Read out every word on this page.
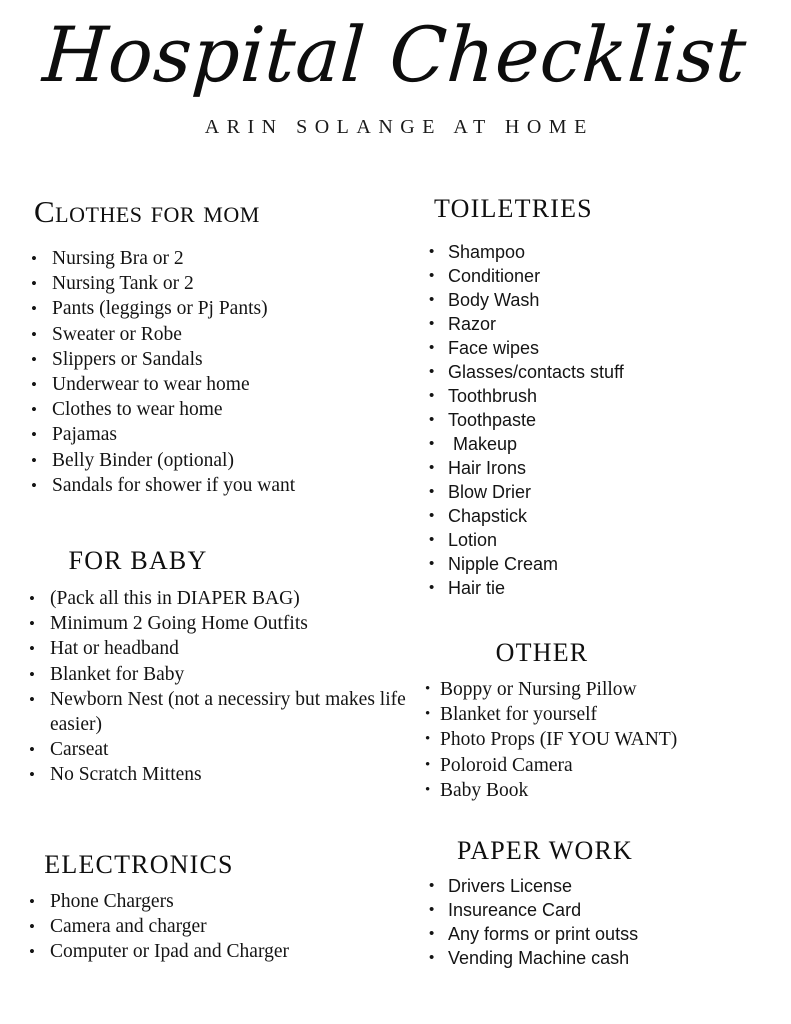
Hospital Checklist
ARIN SOLANGE AT HOME
Clothes for mom
• Nursing Bra or 2
• Nursing Tank or 2
• Pants (leggings or Pj Pants)
• Sweater or Robe
• Slippers or Sandals
• Underwear to wear home
• Clothes to wear home
• Pajamas
• Belly Binder (optional)
• Sandals for shower if you want
FOR BABY
• (Pack all this in DIAPER BAG)
• Minimum 2 Going Home Outfits
• Hat or headband
• Blanket for Baby
• Newborn Nest (not a necessiry but makes life easier)
• Carseat
• No Scratch Mittens
ELECTRONICS
• Phone Chargers
• Camera and charger
• Computer or Ipad and Charger
TOILETRIES
• Shampoo
• Conditioner
• Body Wash
• Razor
• Face wipes
• Glasses/contacts stuff
• Toothbrush
• Toothpaste
•  Makeup
• Hair Irons
• Blow Drier
• Chapstick
• Lotion
• Nipple Cream
• Hair tie
OTHER
• Boppy or Nursing Pillow
• Blanket for yourself
• Photo Props (IF YOU WANT)
• Poloroid Camera
• Baby Book
PAPER WORK
• Drivers License
• Insureance Card
• Any forms or print outss
• Vending Machine cash
